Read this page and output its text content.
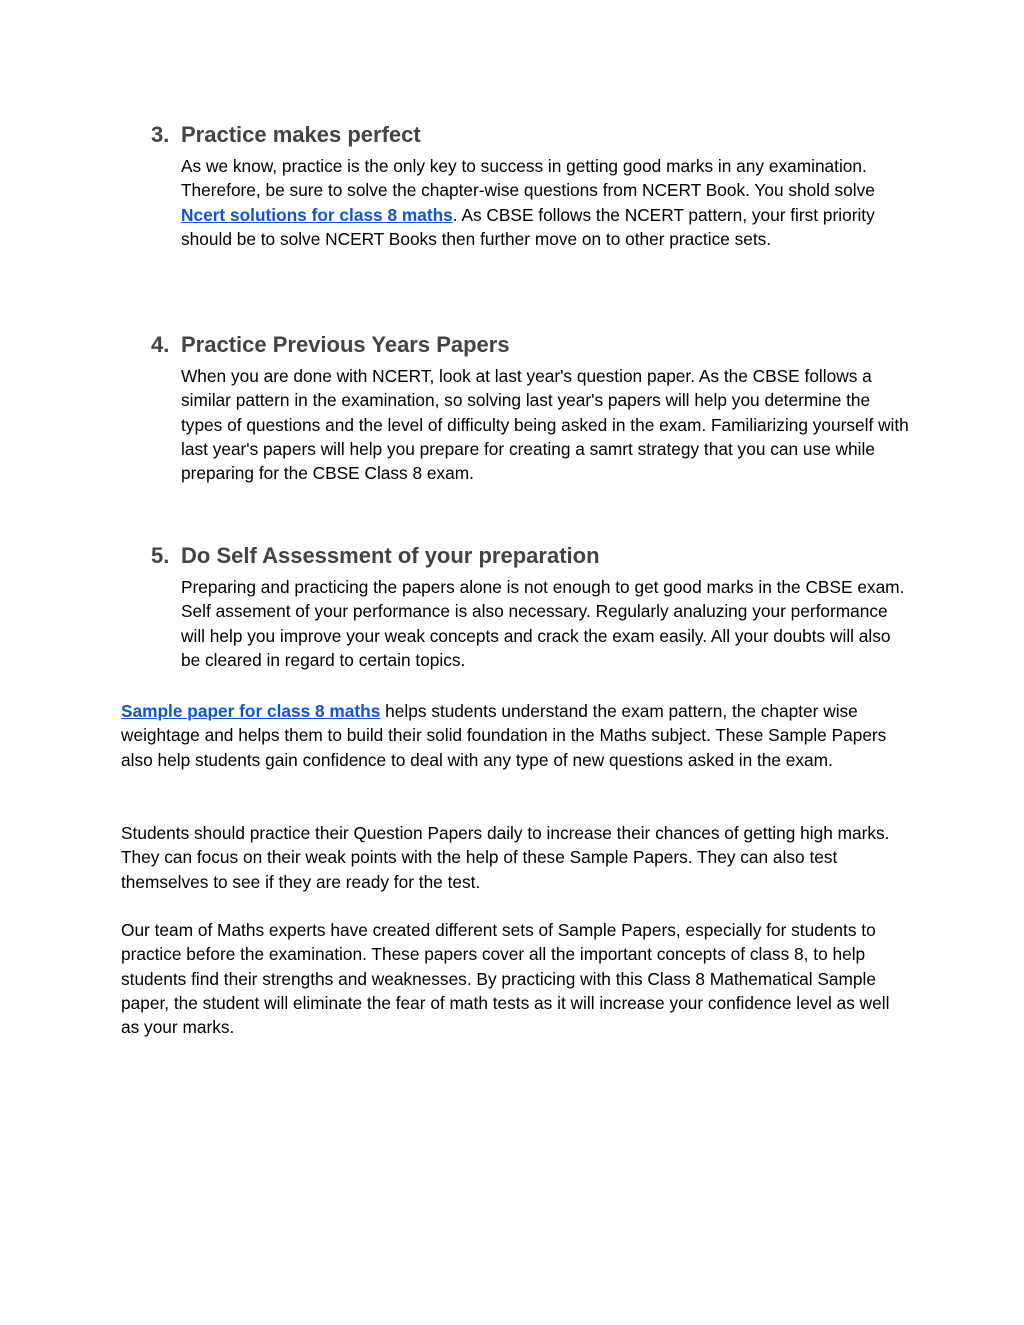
3. Practice makes perfect
As we know, practice is the only key to success in getting good marks in any examination. Therefore, be sure to solve the chapter-wise questions from NCERT Book. You shold solve Ncert solutions for class 8 maths. As CBSE follows the NCERT pattern, your first priority should be to solve NCERT Books then further move on to other practice sets.
4. Practice Previous Years Papers
When you are done with NCERT, look at last year's question paper. As the CBSE follows a similar pattern in the examination, so solving last year's papers will help you determine the types of questions and the level of difficulty being asked in the exam. Familiarizing yourself with last year's papers will help you prepare for creating a samrt strategy that you can use while preparing for the CBSE Class 8 exam.
5. Do Self Assessment of your preparation
Preparing and practicing the papers alone is not enough to get good marks in the CBSE exam. Self assement of your performance is also necessary. Regularly analuzing your performance will help you improve your weak concepts and crack the exam easily. All your doubts will also be cleared in regard to certain topics.
Sample paper for class 8 maths helps students understand the exam pattern, the chapter wise weightage and helps them to build their solid foundation in the Maths subject. These Sample Papers also help students gain confidence to deal with any type of new questions asked in the exam.
Students should practice their Question Papers daily to increase their chances of getting high marks. They can focus on their weak points with the help of these Sample Papers. They can also test themselves to see if they are ready for the test.
Our team of Maths experts have created different sets of Sample Papers, especially for students to practice before the examination. These papers cover all the important concepts of class 8, to help students find their strengths and weaknesses. By practicing with this Class 8 Mathematical Sample paper, the student will eliminate the fear of math tests as it will increase your confidence level as well as your marks.
